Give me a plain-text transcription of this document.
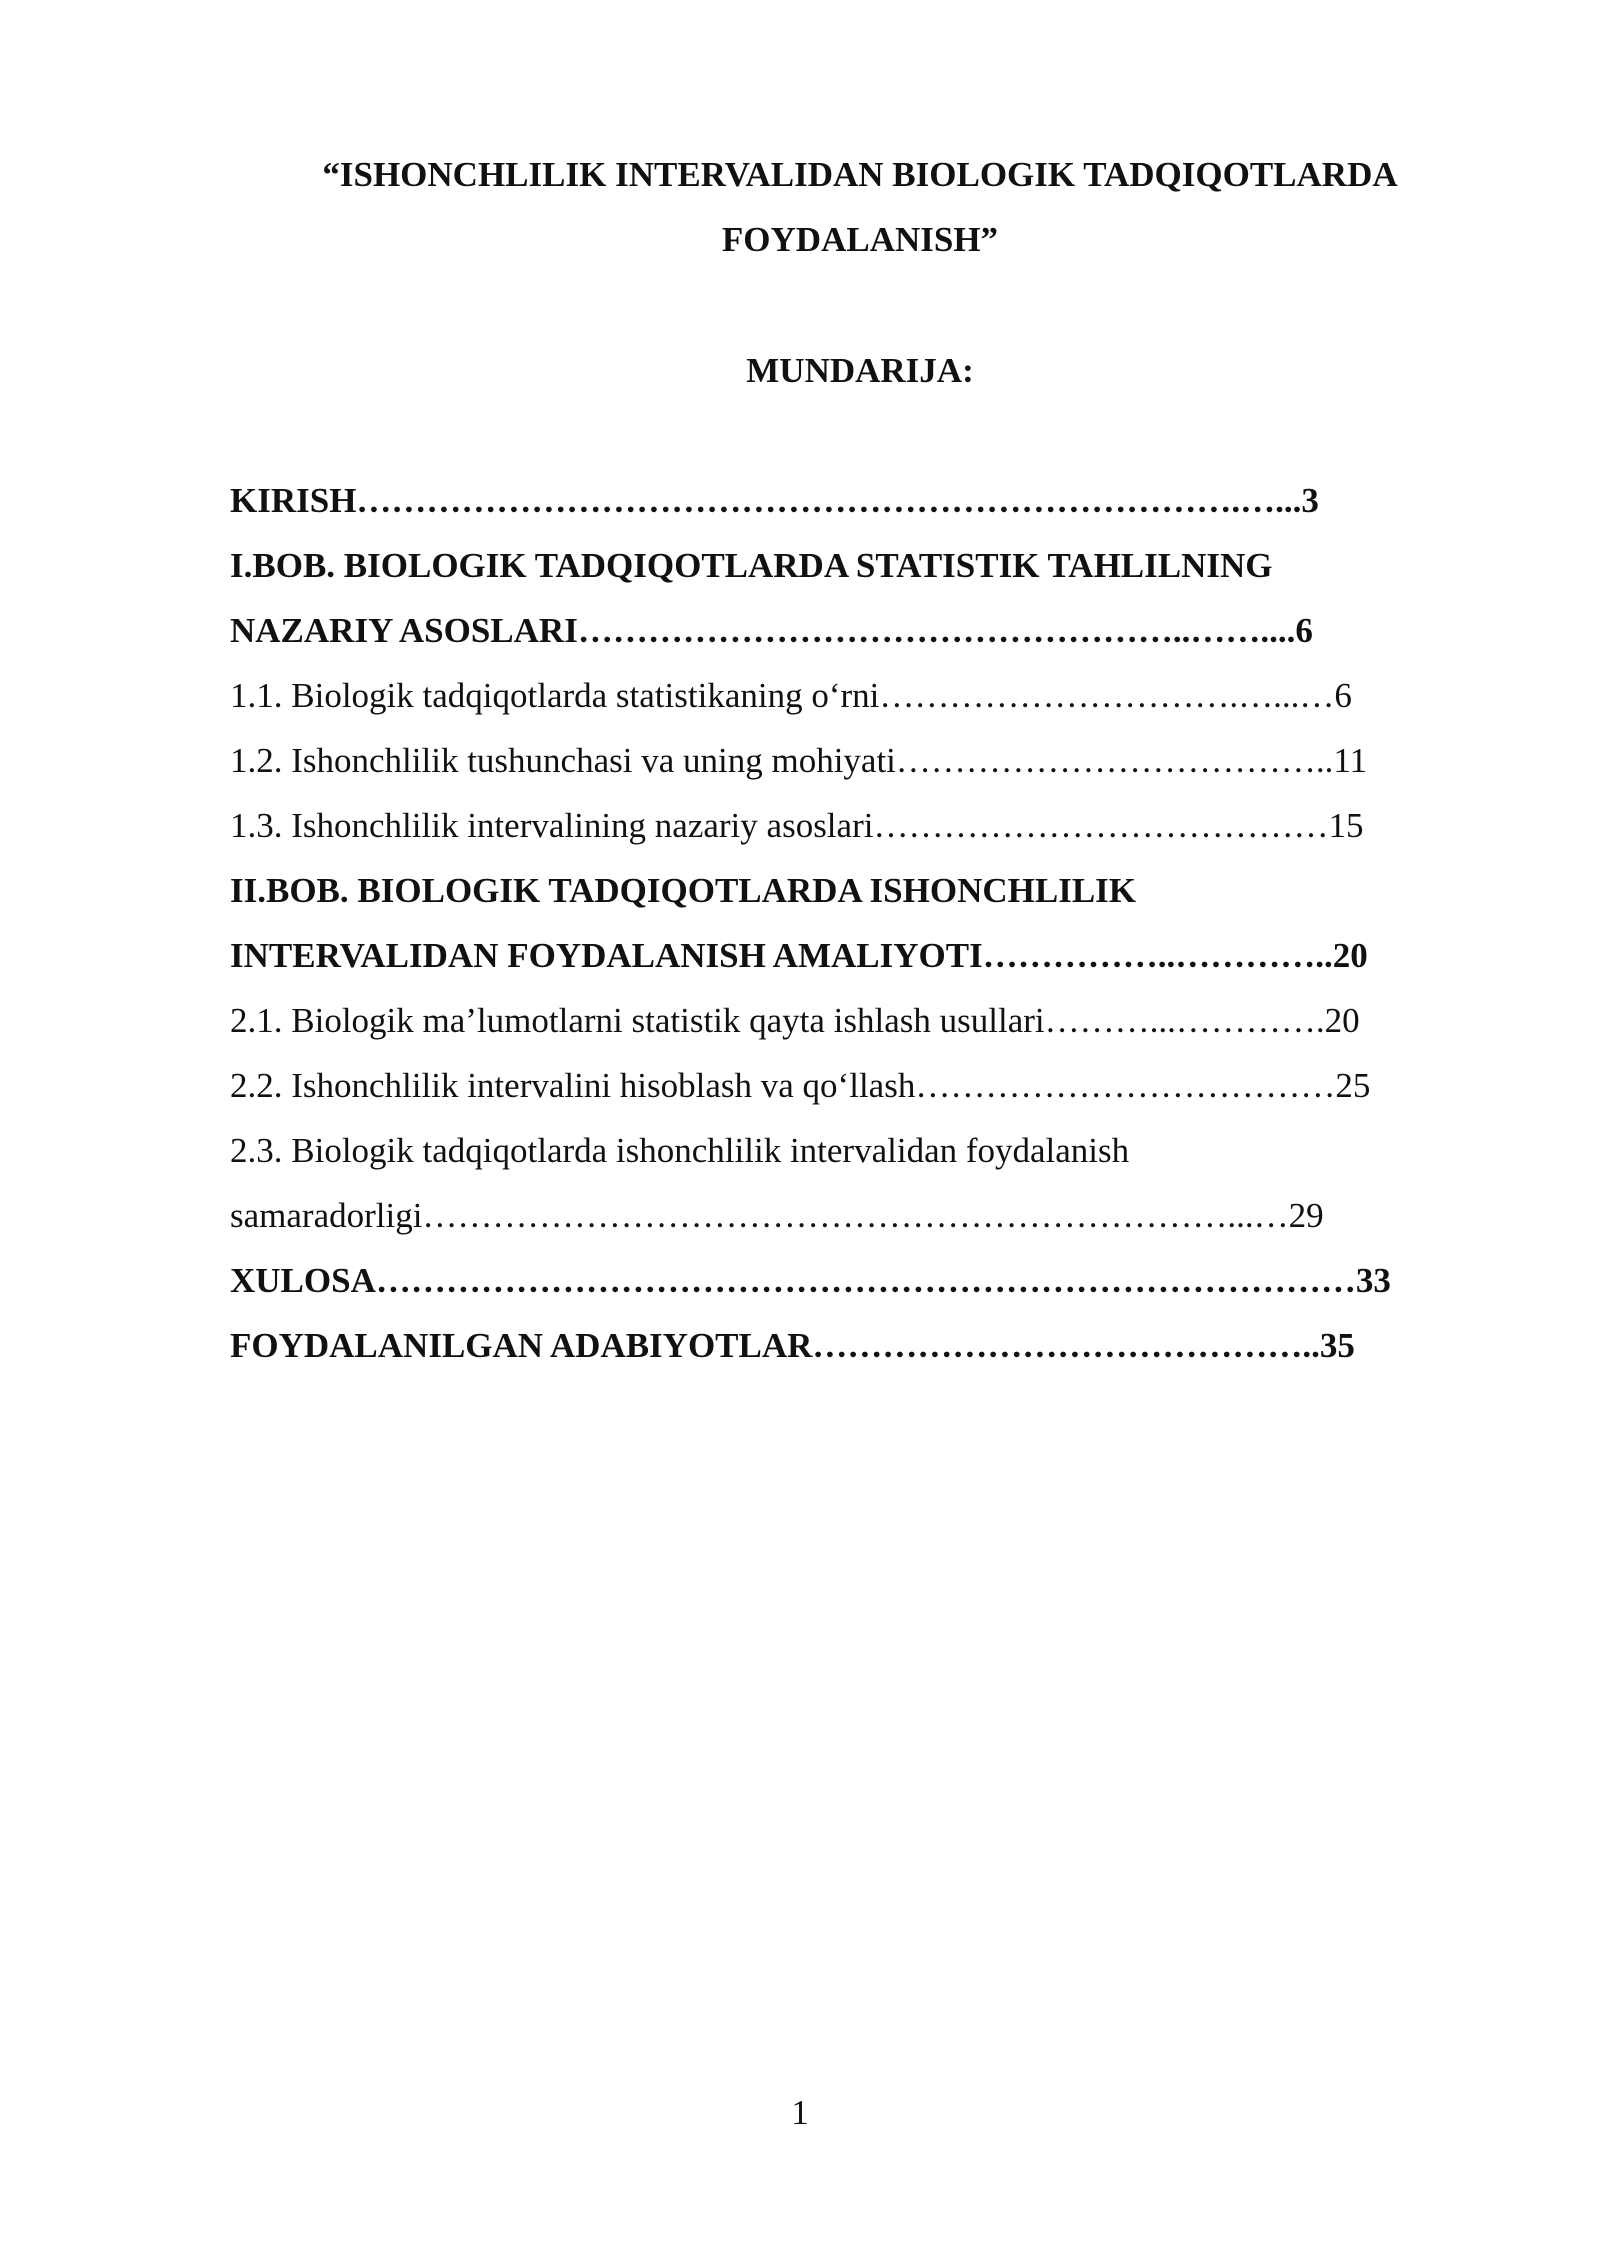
“ISHONCHLILIK INTERVALIDAN BIOLOGIK TADQIQOTLARDA
FOYDALANISH”
MUNDARIJA:
KIRISH………………………………………………………………….…...3
I.BOB. BIOLOGIK TADQIQOTLARDA STATISTIK TAHLILNING
NAZARIY ASOSLARI……………………………………………..……....6
1.1. Biologik tadqiqotlarda statistikaning o‘rni………………………….…...…6
1.2. Ishonchlilik tushunchasi va uning mohiyati………………………………..11
1.3. Ishonchlilik intervalining nazariy asoslari…………………………………15
II.BOB. BIOLOGIK TADQIQOTLARDA ISHONCHLILIK
INTERVALIDAN FOYDALANISH AMALIYOTI……………..…………..20
2.1. Biologik ma’lumotlarni statistik qayta ishlash usullari………...………….20
2.2. Ishonchlilik intervalini hisoblash va qo‘llash………………………………25
2.3. Biologik tadqiqotlarda ishonchlilik intervalidan foydalanish
samaradorligi……………………………………………………………...…29
XULOSA…………………………………………………………………………33
FOYDALANILGAN ADABIYOTLAR……………………………………..35
1
